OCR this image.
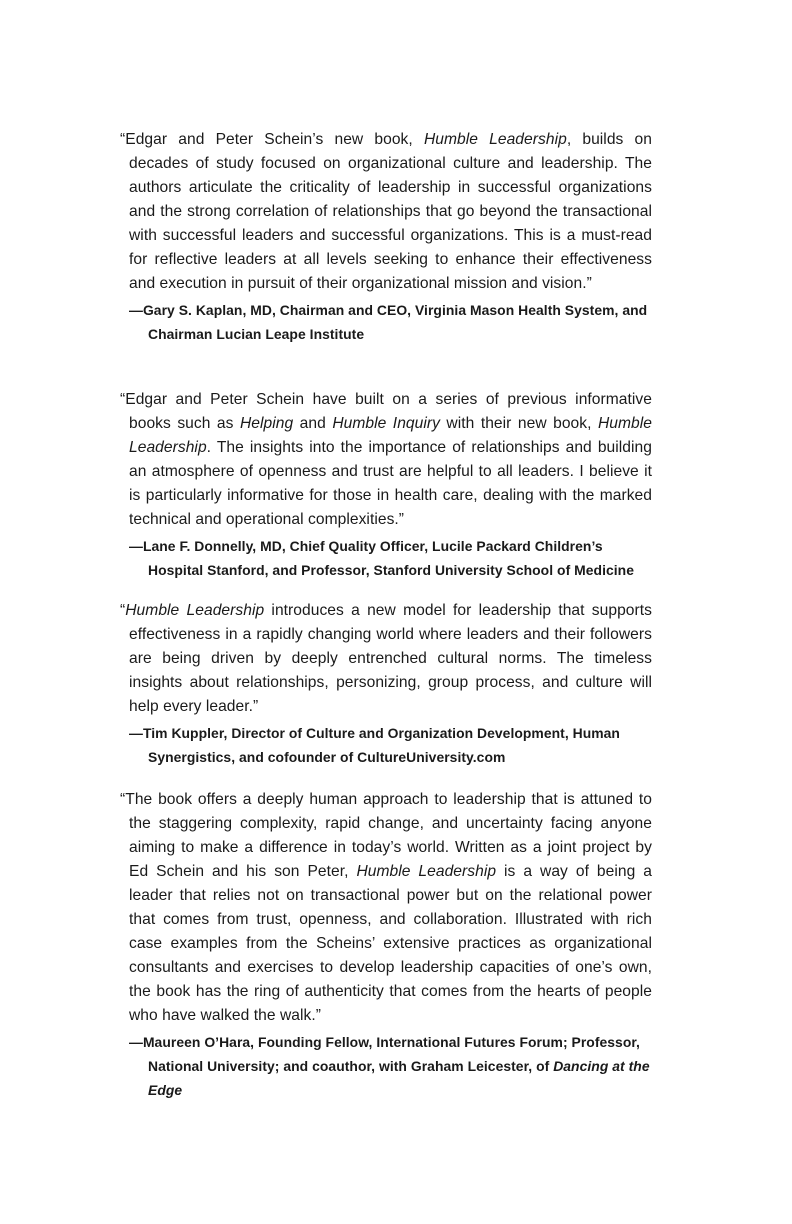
“Edgar and Peter Schein’s new book, Humble Leadership, builds on decades of study focused on organizational culture and leadership. The authors articulate the criticality of leadership in successful organizations and the strong correlation of relationships that go beyond the transactional with successful leaders and successful organizations. This is a must-read for reflective leaders at all levels seeking to enhance their effectiveness and execution in pursuit of their organizational mission and vision.”

—Gary S. Kaplan, MD, Chairman and CEO, Virginia Mason Health System, and Chairman Lucian Leape Institute

“Edgar and Peter Schein have built on a series of previous informative books such as Helping and Humble Inquiry with their new book, Humble Leadership. The insights into the importance of relationships and building an atmosphere of openness and trust are helpful to all leaders. I believe it is particularly informative for those in health care, dealing with the marked technical and operational complexities.”

—Lane F. Donnelly, MD, Chief Quality Officer, Lucile Packard Children’s Hospital Stanford, and Professor, Stanford University School of Medicine

“Humble Leadership introduces a new model for leadership that supports effectiveness in a rapidly changing world where leaders and their followers are being driven by deeply entrenched cultural norms. The timeless insights about relationships, personizing, group process, and culture will help every leader.”

—Tim Kuppler, Director of Culture and Organization Development, Human Synergistics, and cofounder of CultureUniversity.com

“The book offers a deeply human approach to leadership that is attuned to the staggering complexity, rapid change, and uncertainty facing anyone aiming to make a difference in today’s world. Written as a joint project by Ed Schein and his son Peter, Humble Leadership is a way of being a leader that relies not on transactional power but on the relational power that comes from trust, openness, and collaboration. Illustrated with rich case examples from the Scheins’ extensive practices as organizational consultants and exercises to develop leadership capacities of one’s own, the book has the ring of authenticity that comes from the hearts of people who have walked the walk.”

—Maureen O’Hara, Founding Fellow, International Futures Forum; Professor, National University; and coauthor, with Graham Leicester, of Dancing at the Edge
